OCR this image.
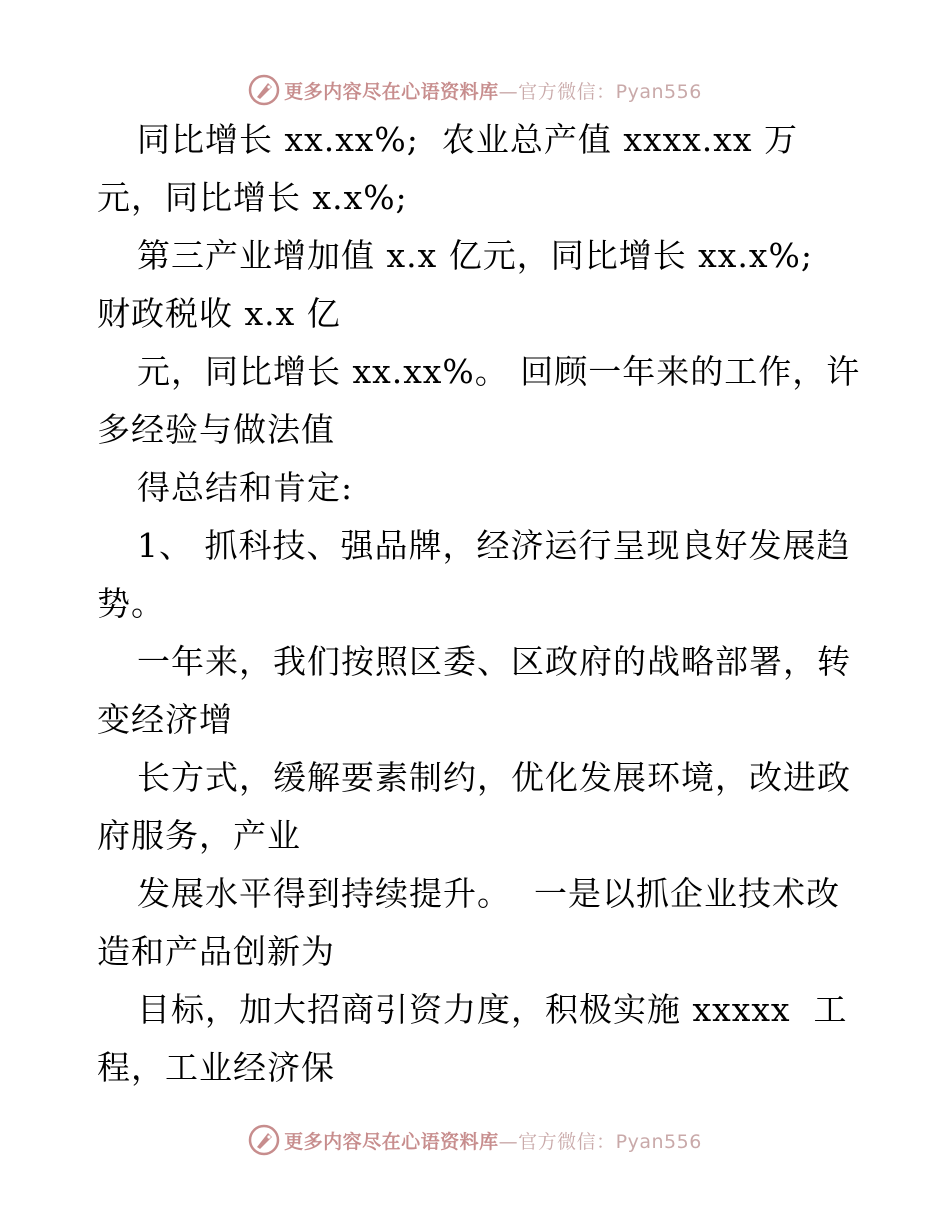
更多内容尽在心语资料库—官方微信：Pyan556
同比增长 xx.xx%;  农业总产值 xxxx.xx 万
元，同比增长 x.x%;
第三产业增加值 x.x 亿元，同比增长 xx.x%;
财政税收 x.x 亿
元，同比增长 xx.xx%。 回顾一年来的工作，许
多经验与做法值
得总结和肯定:
1、 抓科技、强品牌，经济运行呈现良好发展趋
势。
一年来，我们按照区委、区政府的战略部署，转
变经济增
长方式，缓解要素制约，优化发展环境，改进政
府服务，产业
发展水平得到持续提升。  一是以抓企业技术改
造和产品创新为
目标，加大招商引资力度，积极实施 xxxxx  工
程，工业经济保
更多内容尽在心语资料库—官方微信：Pyan556
